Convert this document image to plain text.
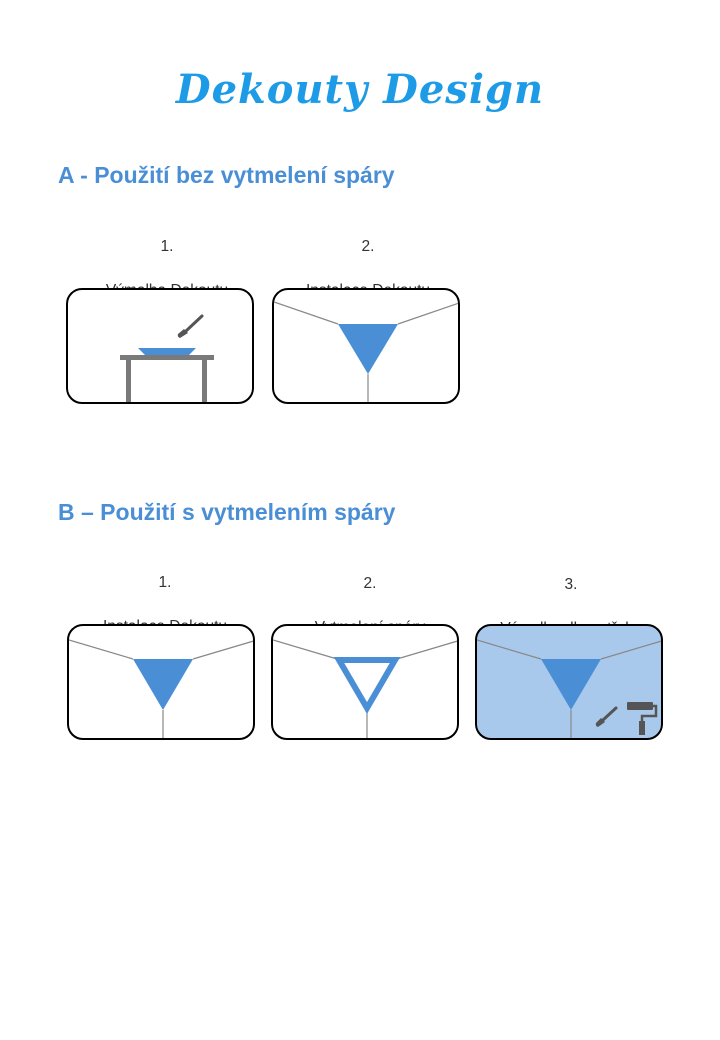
Dekouty Design
A - Použití bez vytmelení spáry

1.	2.

B – Použití s vytmelením spáry

1.	2.	3.
